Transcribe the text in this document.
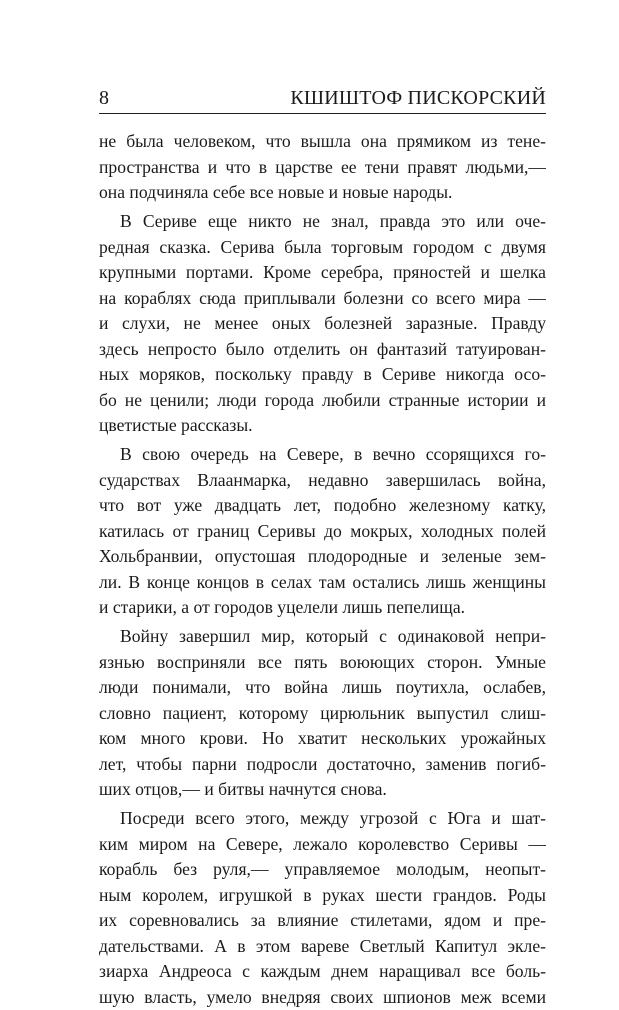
8	КШИШТОФ ПИСКОРСКИЙ
не была человеком, что вышла она прямиком из тене-
пространства и что в царстве ее тени правят людьми,—
она подчиняла себе все новые и новые народы.
В Сериве еще никто не знал, правда это или оче-
редная сказка. Серива была торговым городом с двумя
крупными портами. Кроме серебра, пряностей и шелка
на кораблях сюда приплывали болезни со всего мира —
и слухи, не менее оных болезней заразные. Правду
здесь непросто было отделить он фантазий татуирован-
ных моряков, поскольку правду в Сериве никогда осо-
бо не ценили; люди города любили странные истории и
цветистые рассказы.
В свою очередь на Севере, в вечно ссорящихся го-
сударствах Влаанмарка, недавно завершилась война,
что вот уже двадцать лет, подобно железному катку,
катилась от границ Серивы до мокрых, холодных полей
Хольбранвии, опустошая плодородные и зеленые зем-
ли. В конце концов в селах там остались лишь женщины
и старики, а от городов уцелели лишь пепелища.
Войну завершил мир, который с одинаковой непри-
язнью восприняли все пять воюющих сторон. Умные
люди понимали, что война лишь поутихла, ослабев,
словно пациент, которому цирюльник выпустил слиш-
ком много крови. Но хватит нескольких урожайных
лет, чтобы парни подросли достаточно, заменив погиб-
ших отцов,— и битвы начнутся снова.
Посреди всего этого, между угрозой с Юга и шат-
ким миром на Севере, лежало королевство Серивы —
корабль без руля,— управляемое молодым, неопыт-
ным королем, игрушкой в руках шести грандов. Роды
их соревновались за влияние стилетами, ядом и пре-
дательствами. А в этом вареве Светлый Капитул экле-
зиарха Андреоса с каждым днем наращивал все боль-
шую власть, умело внедряя своих шпионов меж всеми
